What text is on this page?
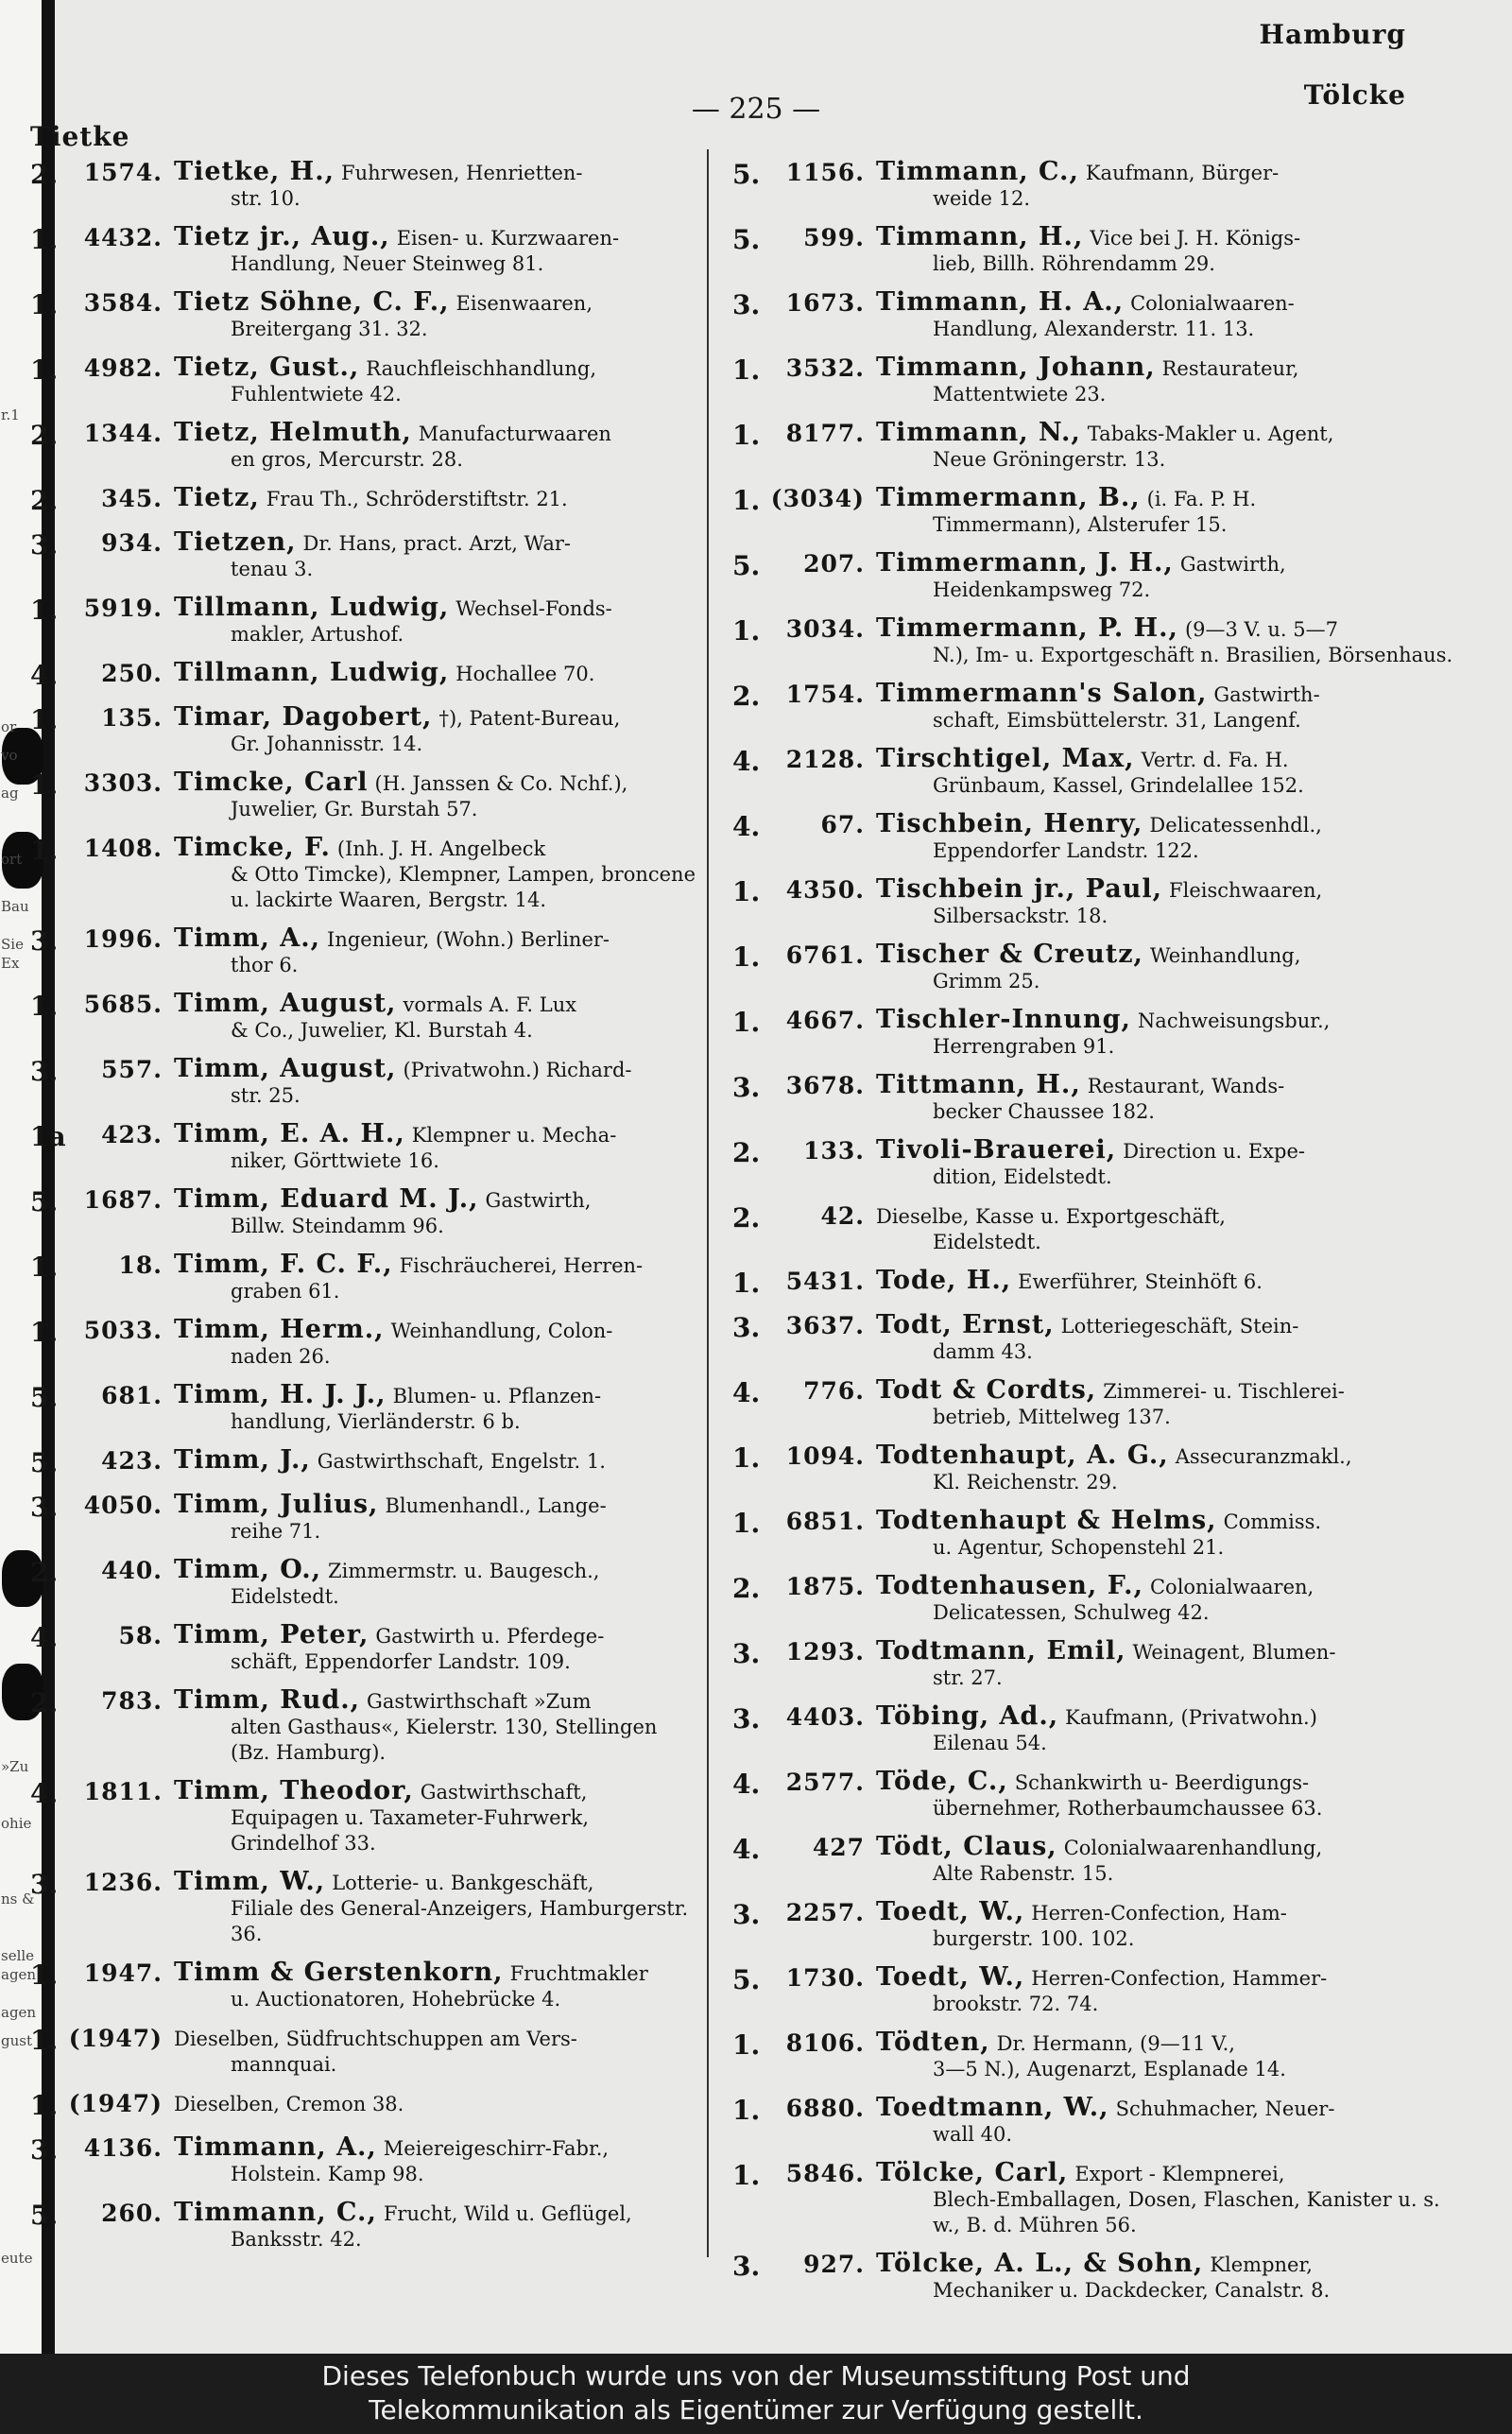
r.1
or
vo
ag
ort
Bau
Sie
Ex
»Zu
ohie
ns &
selle
agen
agen
gust
eute
Tietke
— 225 —
Hamburg
Tölcke
2.	1574. Tietke, H., Fuhrwesen, Henrietten-
str. 10.
1.	4432. Tietz jr., Aug., Eisen- u. Kurzwaaren-
Handlung, Neuer Steinweg 81.
1.	3584. Tietz Söhne, C. F., Eisenwaaren,
Breitergang 31. 32.
1.	4982. Tietz, Gust., Rauchfleischhandlung,
Fuhlentwiete 42.
2.	1344. Tietz, Helmuth, Manufacturwaaren
en gros, Mercurstr. 28.
2.	345. Tietz, Frau Th., Schröderstiftstr. 21.
3.	934. Tietzen, Dr. Hans, pract. Arzt, War-
tenau 3.
1.	5919. Tillmann, Ludwig, Wechsel-Fonds-
makler, Artushof.
4.	250. Tillmann, Ludwig, Hochallee 70.
1.	135. Timar, Dagobert, †), Patent-Bureau,
Gr. Johannisstr. 14.
1.	3303. Timcke, Carl (H. Janssen & Co. Nchf.),
Juwelier, Gr. Burstah 57.
1.	1408. Timcke, F. (Inh. J. H. Angelbeck
& Otto Timcke), Klempner, Lampen, broncene u. lackirte Waaren, Bergstr. 14.
3.	1996. Timm, A., Ingenieur, (Wohn.) Berliner-
thor 6.
1.	5685. Timm, August, vormals A. F. Lux
& Co., Juwelier, Kl. Burstah 4.
3.	557. Timm, August, (Privatwohn.) Richard-
str. 25.
1a	423. Timm, E. A. H., Klempner u. Mecha-
niker, Görttwiete 16.
5.	1687. Timm, Eduard M. J., Gastwirth,
Billw. Steindamm 96.
1.	18. Timm, F. C. F., Fischräucherei, Herren-
graben 61.
1.	5033. Timm, Herm., Weinhandlung, Colon-
naden 26.
5.	681. Timm, H. J. J., Blumen- u. Pflanzen-
handlung, Vierländerstr. 6 b.
5.	423. Timm, J., Gastwirthschaft, Engelstr. 1.
3.	4050. Timm, Julius, Blumenhandl., Lange-
reihe 71.
2.	440. Timm, O., Zimmermstr. u. Baugesch.,
Eidelstedt.
4.	58. Timm, Peter, Gastwirth u. Pferdege-
schäft, Eppendorfer Landstr. 109.
2.	783. Timm, Rud., Gastwirthschaft »Zum
alten Gasthaus«, Kielerstr. 130, Stellingen (Bz. Hamburg).
4.	1811. Timm, Theodor, Gastwirthschaft,
Equipagen u. Taxameter-Fuhrwerk, Grindelhof 33.
3.	1236. Timm, W., Lotterie- u. Bankgeschäft,
Filiale des General-Anzeigers, Hamburgerstr. 36.
1.	1947. Timm & Gerstenkorn, Fruchtmakler
u. Auctionatoren, Hohebrücke 4.
1. (1947) Dieselben, Südfruchtschuppen am Vers-
mannquai.
1. (1947) Dieselben, Cremon 38.
3.	4136. Timmann, A., Meiereigeschirr-Fabr.,
Holstein. Kamp 98.
5.	260. Timmann, C., Frucht, Wild u. Geflügel,
Banksstr. 42.
5.	1156. Timmann, C., Kaufmann, Bürger-
weide 12.
5.	599. Timmann, H., Vice bei J. H. Königs-
lieb, Billh. Röhrendamm 29.
3.	1673. Timmann, H. A., Colonialwaaren-
Handlung, Alexanderstr. 11. 13.
1.	3532. Timmann, Johann, Restaurateur,
Mattentwiete 23.
1.	8177. Timmann, N., Tabaks-Makler u. Agent,
Neue Gröningerstr. 13.
1. (3034) Timmermann, B., (i. Fa. P. H.
Timmermann), Alsterufer 15.
5.	207. Timmermann, J. H., Gastwirth,
Heidenkampsweg 72.
1.	3034. Timmermann, P. H., (9—3 V. u. 5—7
N.), Im- u. Exportgeschäft n. Brasilien, Börsenhaus.
2.	1754. Timmermann's Salon, Gastwirth-
schaft, Eimsbüttelerstr. 31, Langenf.
4.	2128. Tirschtigel, Max, Vertr. d. Fa. H.
Grünbaum, Kassel, Grindelallee 152.
4.	67. Tischbein, Henry, Delicatessenhdl.,
Eppendorfer Landstr. 122.
1.	4350. Tischbein jr., Paul, Fleischwaaren,
Silbersackstr. 18.
1.	6761. Tischer & Creutz, Weinhandlung,
Grimm 25.
1.	4667. Tischler-Innung, Nachweisungsbur.,
Herrengraben 91.
3.	3678. Tittmann, H., Restaurant, Wands-
becker Chaussee 182.
2.	133. Tivoli-Brauerei, Direction u. Expe-
dition, Eidelstedt.
2.	42. Dieselbe, Kasse u. Exportgeschäft,
Eidelstedt.
1.	5431. Tode, H., Ewerführer, Steinhöft 6.
3.	3637. Todt, Ernst, Lotteriegeschäft, Stein-
damm 43.
4.	776. Todt & Cordts, Zimmerei- u. Tischlerei-
betrieb, Mittelweg 137.
1.	1094. Todtenhaupt, A. G., Assecuranzmakl.,
Kl. Reichenstr. 29.
1.	6851. Todtenhaupt & Helms, Commiss.
u. Agentur, Schopenstehl 21.
2.	1875. Todtenhausen, F., Colonialwaaren,
Delicatessen, Schulweg 42.
3.	1293. Todtmann, Emil, Weinagent, Blumen-
str. 27.
3.	4403. Töbing, Ad., Kaufmann, (Privatwohn.)
Eilenau 54.
4.	2577. Töde, C., Schankwirth u- Beerdigungs-
übernehmer, Rotherbaumchaussee 63.
4.	427 Tödt, Claus, Colonialwaarenhandlung,
Alte Rabenstr. 15.
3.	2257. Toedt, W., Herren-Confection, Ham-
burgerstr. 100. 102.
5.	1730. Toedt, W., Herren-Confection, Hammer-
brookstr. 72. 74.
1.	8106. Tödten, Dr. Hermann, (9—11 V.,
3—5 N.), Augenarzt, Esplanade 14.
1.	6880. Toedtmann, W., Schuhmacher, Neuer-
wall 40.
1.	5846. Tölcke, Carl, Export - Klempnerei,
Blech-Emballagen, Dosen, Flaschen, Kanister u. s. w., B. d. Mühren 56.
3.	927. Tölcke, A. L., & Sohn, Klempner,
Mechaniker u. Dackdecker, Canalstr. 8.
Dieses Telefonbuch wurde uns von der Museumsstiftung Post und
Telekommunikation als Eigentümer zur Verfügung gestellt.
